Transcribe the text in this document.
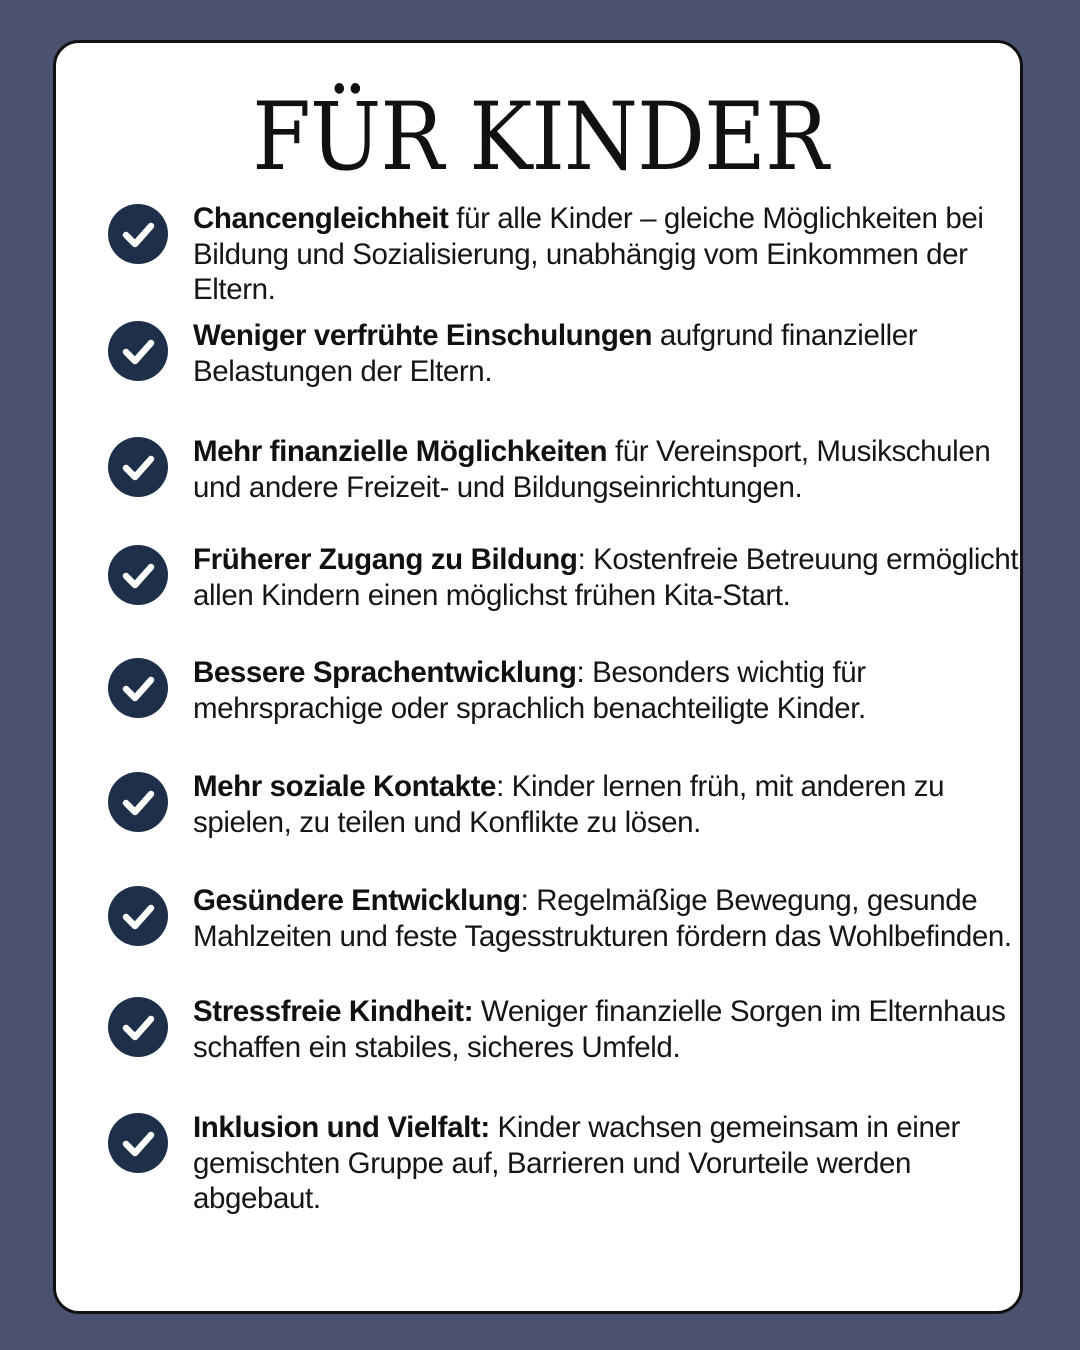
FÜR KINDER
Chancengleichheit für alle Kinder – gleiche Möglichkeiten bei Bildung und Sozialisierung, unabhängig vom Einkommen der Eltern.
Weniger verfrühte Einschulungen aufgrund finanzieller Belastungen der Eltern.
Mehr finanzielle Möglichkeiten für Vereinsport, Musikschulen und andere Freizeit- und Bildungseinrichtungen.
Früherer Zugang zu Bildung: Kostenfreie Betreuung ermöglicht allen Kindern einen möglichst frühen Kita-Start.
Bessere Sprachentwicklung: Besonders wichtig für mehrsprachige oder sprachlich benachteiligte Kinder.
Mehr soziale Kontakte: Kinder lernen früh, mit anderen zu spielen, zu teilen und Konflikte zu lösen.
Gesündere Entwicklung: Regelmäßige Bewegung, gesunde Mahlzeiten und feste Tagesstrukturen fördern das Wohlbefinden.
Stressfreie Kindheit: Weniger finanzielle Sorgen im Elternhaus schaffen ein stabiles, sicheres Umfeld.
Inklusion und Vielfalt: Kinder wachsen gemeinsam in einer gemischten Gruppe auf, Barrieren und Vorurteile werden abgebaut.
